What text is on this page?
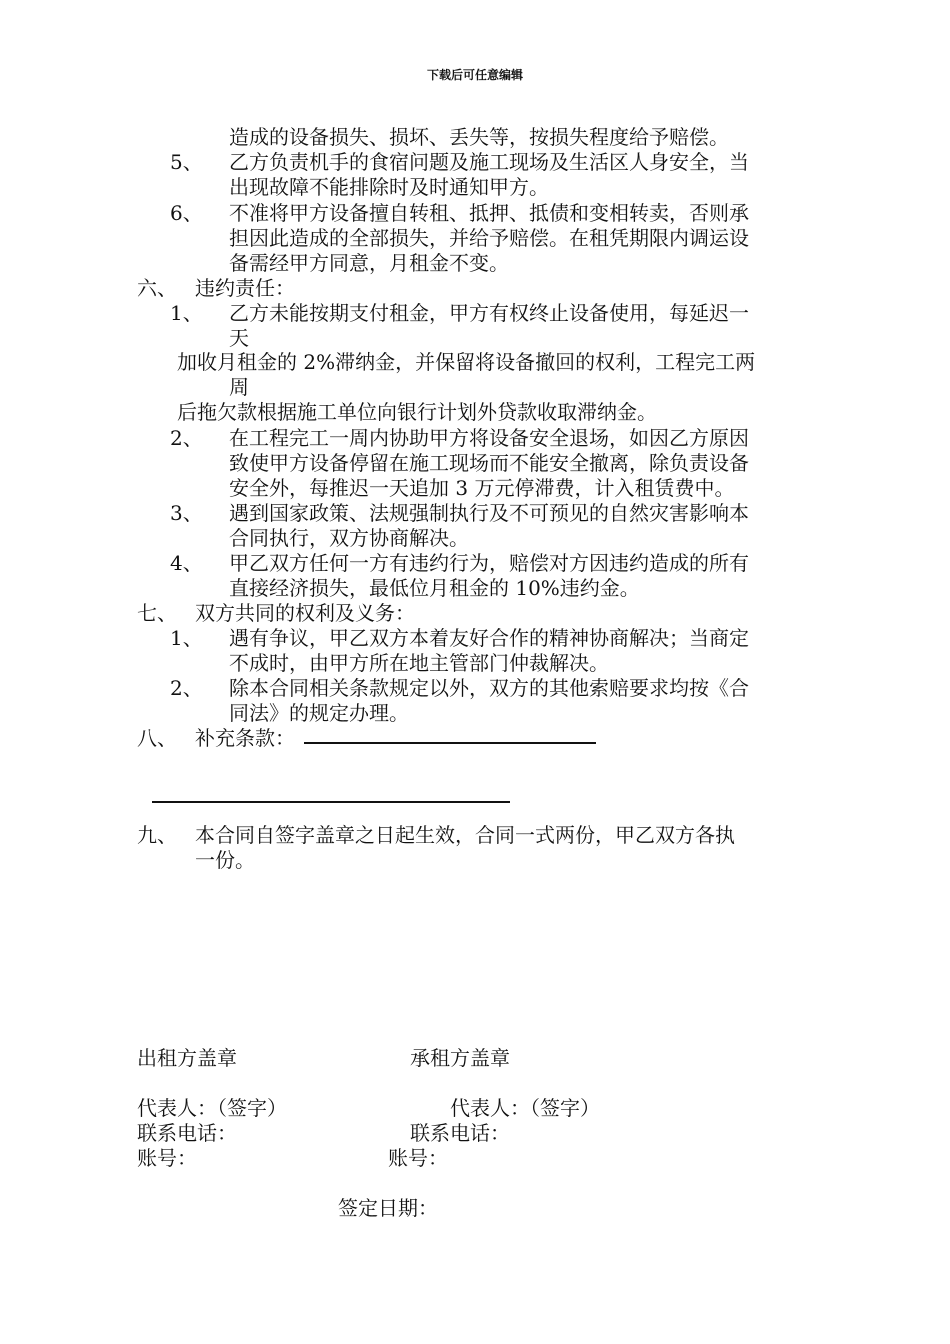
下载后可任意编辑
造成的设备损失、损坏、丢失等，按损失程度给予赔偿。
5、 乙方负责机手的食宿问题及施工现场及生活区人身安全，当
出现故障不能排除时及时通知甲方。
6、 不准将甲方设备擅自转租、抵押、抵债和变相转卖，否则承
担因此造成的全部损失，并给予赔偿。在租凭期限内调运设
备需经甲方同意，月租金不变。
六、 违约责任：
1、 乙方未能按期支付租金，甲方有权终止设备使用，每延迟一
天
加收月租金的 2%滞纳金，并保留将设备撤回的权利，工程完工两
周
后拖欠款根据施工单位向银行计划外贷款收取滞纳金。
2、 在工程完工一周内协助甲方将设备安全退场，如因乙方原因
致使甲方设备停留在施工现场而不能安全撤离，除负责设备
安全外，每推迟一天追加 3 万元停滞费，计入租赁费中。
3、 遇到国家政策、法规强制执行及不可预见的自然灾害影响本
合同执行，双方协商解决。
4、 甲乙双方任何一方有违约行为，赔偿对方因违约造成的所有
直接经济损失，最低位月租金的 10%违约金。
七、 双方共同的权利及义务：
1、 遇有争议，甲乙双方本着友好合作的精神协商解决；当商定
不成时，由甲方所在地主管部门仲裁解决。
2、 除本合同相关条款规定以外，双方的其他索赔要求均按《合
同法》的规定办理。
八、 补充条款：
九、 本合同自签字盖章之日起生效，合同一式两份，甲乙双方各执
一份。
出租方盖章	承租方盖章
代表人：（签字）	代表人：（签字）
联系电话：	联系电话：
账号：	账号：
签定日期：
